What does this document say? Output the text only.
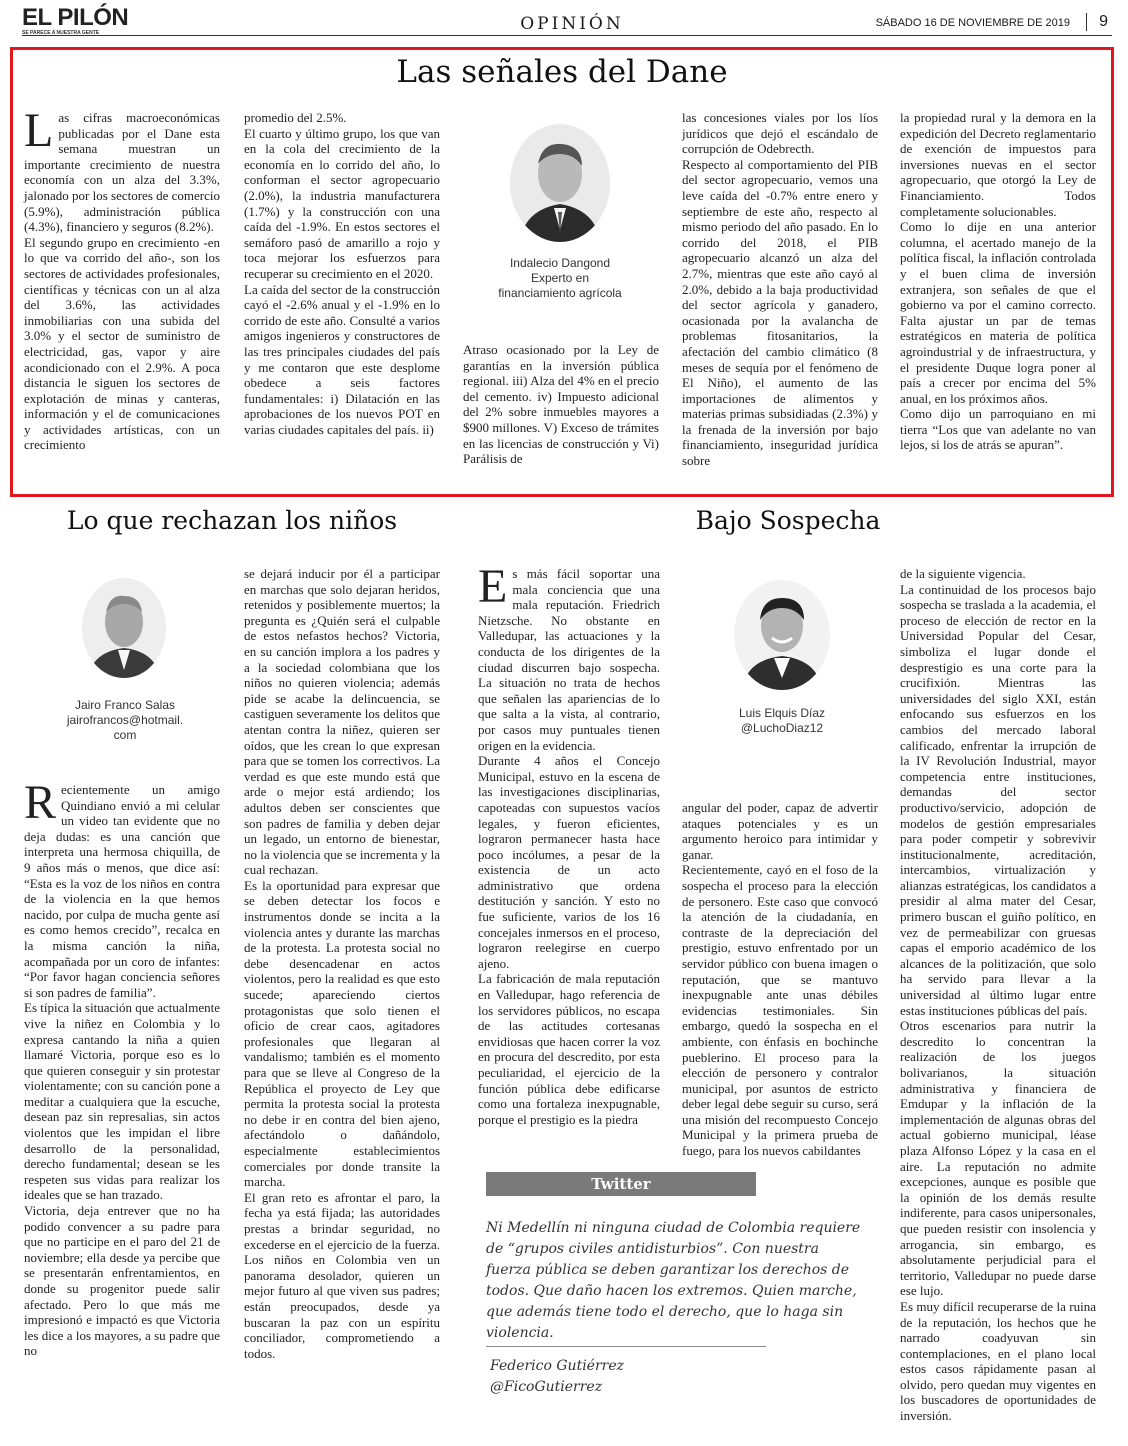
EL PILÓN
SE PARECE A NUESTRA GENTE	OPINIÓN	SÁBADO 16 DE NOVIEMBRE DE 2019	9
Las señales del Dane
L as cifras macroeconómicas publicadas por el Dane esta semana muestran un importante crecimiento de nuestra economía con un alza del 3.3%, jalonado por los sectores de comercio (5.9%), administración pública (4.3%), financiero y seguros (8.2%).

El segundo grupo en crecimiento -en lo que va corrido del año-, son los sectores de actividades profesionales, científicas y técnicas con un al alza del 3.6%, las actividades inmobiliarias con una subida del 3.0% y el sector de suministro de electricidad, gas, vapor y aire acondicionado con el 2.9%. A poca distancia le siguen los sectores de explotación de minas y canteras, información y el de comunicaciones y actividades artísticas, con un crecimiento

promedio del 2.5%.

El cuarto y último grupo, los que van en la cola del crecimiento de la economía en lo corrido del año, lo conforman el sector agropecuario (2.0%), la industria manufacturera (1.7%) y la construcción con una caída del -1.9%. En estos sectores el semáforo pasó de amarillo a rojo y toca mejorar los esfuerzos para recuperar su crecimiento en el 2020.

La caída del sector de la construcción cayó el -2.6% anual y el -1.9% en lo corrido de este año. Consulté a varios amigos ingenieros y constructores de las tres principales ciudades del país y me contaron que este desplome obedece a seis factores fundamentales: i) Dilatación en las aprobaciones de los nuevos POT en varias ciudades capitales del país. ii)

Indalecio Dangond
Experto en
financiamiento agrícola

Atraso ocasionado por la Ley de garantías en la inversión pública regional. iii) Alza del 4% en el precio del cemento. iv) Impuesto adicional del 2% sobre inmuebles mayores a $900 millones. V) Exceso de trámites en las licencias de construcción y Vi) Parálisis de

las concesiones viales por los líos jurídicos que dejó el escándalo de corrupción de Odebrecth.

Respecto al comportamiento del PIB del sector agropecuario, vemos una leve caída del -0.7% entre enero y septiembre de este año, respecto al mismo periodo del año pasado. En lo corrido del 2018, el PIB agropecuario alcanzó un alza del 2.7%, mientras que este año cayó al 2.0%, debido a la baja productividad del sector agrícola y ganadero, ocasionada por la avalancha de problemas fitosanitarios, la afectación del cambio climático (8 meses de sequía por el fenómeno de El Niño), el aumento de las importaciones de alimentos y materias primas subsidiadas (2.3%) y la frenada de la inversión por bajo financiamiento, inseguridad jurídica sobre

la propiedad rural y la demora en la expedición del Decreto reglamentario de exención de impuestos para inversiones nuevas en el sector agropecuario, que otorgó la Ley de Financiamiento. Todos completamente solucionables.

Como lo dije en una anterior columna, el acertado manejo de la política fiscal, la inflación controlada y el buen clima de inversión extranjera, son señales de que el gobierno va por el camino correcto. Falta ajustar un par de temas estratégicos en materia de política agroindustrial y de infraestructura, y el presidente Duque logra poner al país a crecer por encima del 5% anual, en los próximos años.

Como dijo un parroquiano en mi tierra “Los que van adelante no van lejos, si los de atrás se apuran”.

Lo que rechazan los niños
Jairo Franco Salas
jairofrancos@hotmail.
com
R ecientemente un amigo Quindiano envió a mi celular un video tan evidente que no deja dudas: es una canción que interpreta una hermosa chiquilla, de 9 años más o menos, que dice así: “Esta es la voz de los niños en contra de la violencia en la que hemos nacido, por culpa de mucha gente así es como hemos crecido”, recalca en la misma canción la niña, acompañada por un coro de infantes: “Por favor hagan conciencia señores si son padres de familia”.

Es típica la situación que actualmente vive la niñez en Colombia y lo expresa cantando la niña a quien llamaré Victoria, porque eso es lo que quieren conseguir y sin protestar violentamente; con su canción pone a meditar a cualquiera que la escuche, desean paz sin represalias, sin actos violentos que les impidan el libre desarrollo de la personalidad, derecho fundamental; desean se les respeten sus vidas para realizar los ideales que se han trazado.

Victoria, deja entrever que no ha podido convencer a su padre para que no participe en el paro del 21 de noviembre; ella desde ya percibe que se presentarán enfrentamientos, en donde su progenitor puede salir afectado. Pero lo que más me impresionó e impactó es que Victoria les dice a los mayores, a su padre que no

se dejará inducir por él a participar en marchas que solo dejaran heridos, retenidos y posiblemente muertos; la pregunta es ¿Quién será el culpable de estos nefastos hechos? Victoria, en su canción implora a los padres y a la sociedad colombiana que los niños no quieren violencia; además pide se acabe la delincuencia, se castiguen severamente los delitos que atentan contra la niñez, quieren ser oídos, que les crean lo que expresan para que se tomen los correctivos. La verdad es que este mundo está que arde o mejor está ardiendo; los adultos deben ser conscientes que son padres de familia y deben dejar un legado, un entorno de bienestar, no la violencia que se incrementa y la cual rechazan.

Es la oportunidad para expresar que se deben detectar los focos e instrumentos donde se incita a la violencia antes y durante las marchas de la protesta. La protesta social no debe desencadenar en actos violentos, pero la realidad es que esto sucede; apareciendo ciertos protagonistas que solo tienen el oficio de crear caos, agitadores profesionales que llegaran al vandalismo; también es el momento para que se lleve al Congreso de la República el proyecto de Ley que permita la protesta social la protesta no debe ir en contra del bien ajeno, afectándolo o dañándolo, especialmente establecimientos comerciales por donde transite la marcha.

El gran reto es afrontar el paro, la fecha ya está fijada; las autoridades prestas a brindar seguridad, no excederse en el ejercicio de la fuerza. Los niños en Colombia ven un panorama desolador, quieren un mejor futuro al que viven sus padres; están preocupados, desde ya buscaran la paz con un espíritu conciliador, comprometiendo a todos.

Bajo Sospecha
E s más fácil soportar una mala conciencia que una mala reputación. Friedrich Nietzsche. No obstante en Valledupar, las actuaciones y la conducta de los dirigentes de la ciudad discurren bajo sospecha. La situación no trata de hechos que señalen las apariencias de lo que salta a la vista, al contrario, por casos muy puntuales tienen origen en la evidencia.

Durante 4 años el Concejo Municipal, estuvo en la escena de las investigaciones disciplinarias, capoteadas con supuestos vacíos legales, y fueron eficientes, lograron permanecer hasta hace poco incólumes, a pesar de la existencia de un acto administrativo que ordena destitución y sanción. Y esto no fue suficiente, varios de los 16 concejales inmersos en el proceso, lograron reelegirse en cuerpo ajeno.

La fabricación de mala reputación en Valledupar, hago referencia de los servidores públicos, no escapa de las actitudes cortesanas envidiosas que hacen correr la voz en procura del descredito, por esta peculiaridad, el ejercicio de la función pública debe edificarse como una fortaleza inexpugnable, porque el prestigio es la piedra

Luis Elquis Díaz
@LuchoDiaz12

angular del poder, capaz de advertir ataques potenciales y es un argumento heroico para intimidar y ganar.

Recientemente, cayó en el foso de la sospecha el proceso para la elección de personero. Este caso que convocó la atención de la ciudadanía, en contraste de la depreciación del prestigio, estuvo enfrentado por un servidor público con buena imagen o reputación, que se mantuvo inexpugnable ante unas débiles evidencias testimoniales. Sin embargo, quedó la sospecha en el ambiente, con énfasis en bochinche pueblerino. El proceso para la elección de personero y contralor municipal, por asuntos de estricto deber legal debe seguir su curso, será una misión del recompuesto Concejo Municipal y la primera prueba de fuego, para los nuevos cabildantes

de la siguiente vigencia.

La continuidad de los procesos bajo sospecha se traslada a la academia, el proceso de elección de rector en la Universidad Popular del Cesar, simboliza el lugar donde el desprestigio es una corte para la crucifixión. Mientras las universidades del siglo XXI, están enfocando sus esfuerzos en los cambios del mercado laboral calificado, enfrentar la irrupción de la IV Revolución Industrial, mayor competencia entre instituciones, demandas del sector productivo/servicio, adopción de modelos de gestión empresariales para poder competir y sobrevivir institucionalmente, acreditación, intercambios, virtualización y alianzas estratégicas, los candidatos a presidir al alma mater del Cesar, primero buscan el guiño político, en vez de permeabilizar con gruesas capas el emporio académico de los alcances de la politización, que solo ha servido para llevar a la universidad al último lugar entre estas instituciones públicas del país.

Otros escenarios para nutrir la descredito lo concentran la realización de los juegos bolivarianos, la situación administrativa y financiera de Emdupar y la inflación de la implementación de algunas obras del actual gobierno municipal, léase plaza Alfonso López y la casa en el aire. La reputación no admite excepciones, aunque es posible que la opinión de los demás resulte indiferente, para casos unipersonales, que pueden resistir con insolencia y arrogancia, sin embargo, es absolutamente perjudicial para el territorio, Valledupar no puede darse ese lujo.

Es muy difícil recuperarse de la ruina de la reputación, los hechos que he narrado coadyuvan sin contemplaciones, en el plano local estos casos rápidamente pasan al olvido, pero quedan muy vigentes en los buscadores de oportunidades de inversión.

Twitter
Ni Medellín ni ninguna ciudad de Colombia requiere de “grupos civiles antidisturbios”. Con nuestra fuerza pública se deben garantizar los derechos de todos. Que daño hacen los extremos. Quien marche, que además tiene todo el derecho, que lo haga sin violencia.
Federico Gutiérrez
@FicoGutierrez
